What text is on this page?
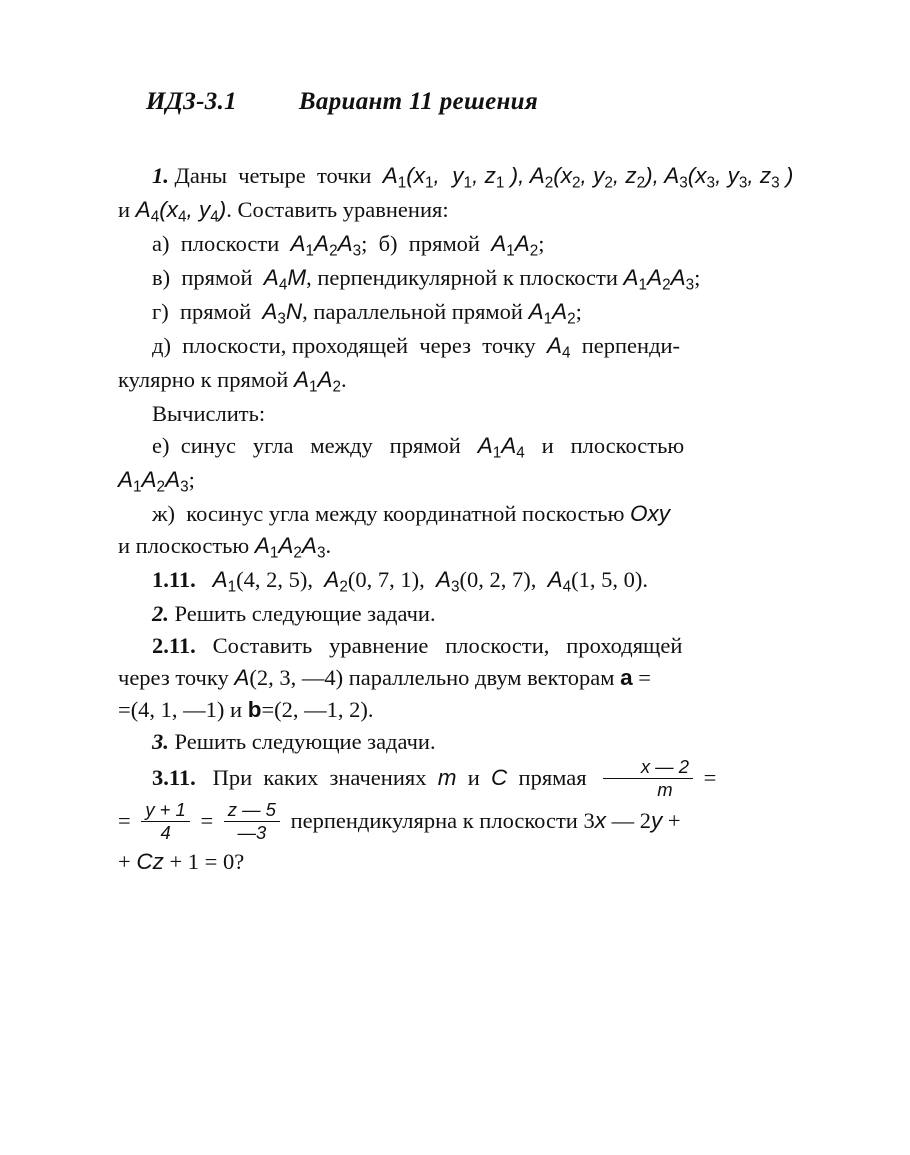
ИДЗ-3.1 Вариант 11 решения

1. Даны  четыре  точки  $A_1(x_1$,  $y_1$, $z_1$ ), $A_2(x_2$, $y_2$, $z_2$), $A_3(x_3$, $y_3$, $z_3$ )

и $A_4(x_4$, $y_4$). Составить уравнения:

а)  плоскости  $A_1A_2A_3$;  б)  прямой  $A_1A_2$;

в)  прямой  $A_4M$, перпендикулярной к плоскости $A_1A_2A_3$;

г)  прямой  $A_3N$, параллельной прямой $A_1A_2$;

д)  плоскости, проходящей  через  точку  $A_4$  перпенди-

кулярно к прямой $A_1A_2$.

Вычислить:

е)  синус   угла   между   прямой   $A_1A_4$   и   плоскостью

$A_1A_2A_3$;

ж)  косинус угла между координатной поскостью Oxy

и плоскостью $A_1A_2A_3$.

1.11. $A_1(4$, 2, 5),  $A_2(0$, 7, 1),  $A_3(0$, 2, 7),  $A_4(1$, 5, 0).

2. Решить следующие задачи.

2.11.   Составить   уравнение   плоскости,   проходящей

через точку A(2, 3, —4) параллельно двум векторам a =

=(4, 1, —1) и b=(2, —1, 2).

3. Решить следующие задачи.

3.11.   При  каких  значениях  m  и  C  прямая $\frac{x — 2}{m}$ =

= $\frac{y + 1}{4} = \frac{z — 5}{—3}$ перпендикулярна к плоскости 3x — 2y +

+ Cz + 1 = 0?
